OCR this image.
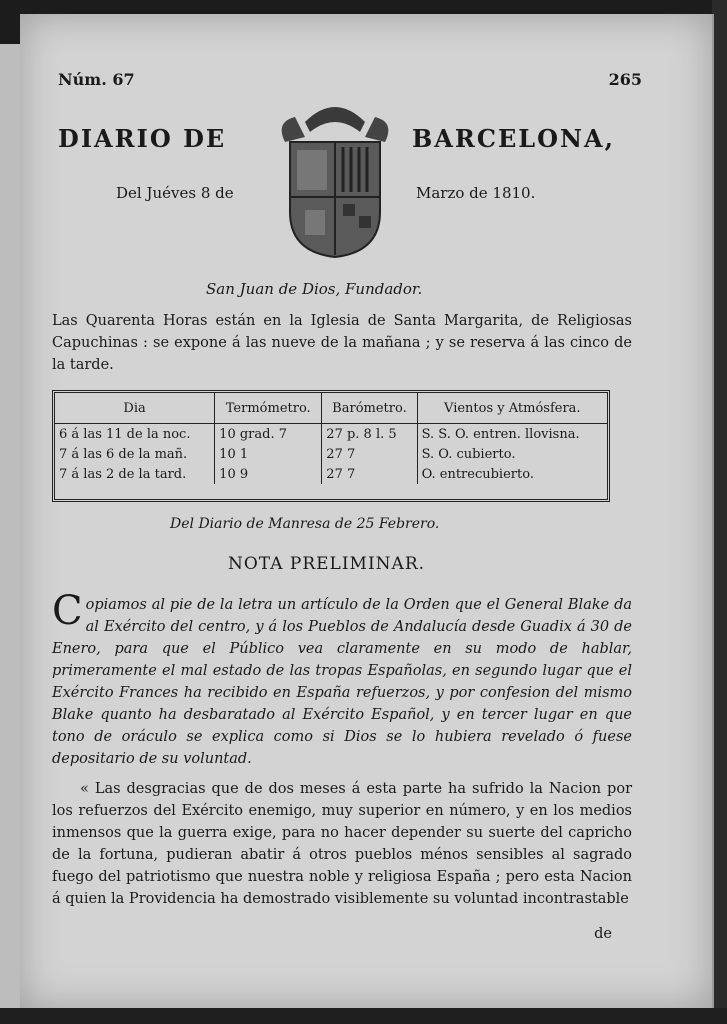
Núm. 67	265
DIARIO DE	BARCELONA,
Del Juéves 8 de	Marzo de 1810.
San Juan de Dios, Fundador.
Las Quarenta Horas están en la Iglesia de Santa Margarita, de Religiosas Capuchinas : se expone á las nueve de la mañana ; y se reserva á las cinco de la tarde.
Dia	Termómetro.	Barómetro.	Vientos y Atmósfera.
6 á las 11 de la noc.	10 grad. 7	27 p. 8 l. 5	S. S. O. entren. llovisna.
7 á las 6 de la mañ.	10 1	27 7	S. O. cubierto.
7 á las 2 de la tard.	10 9	27 7	O. entrecubierto.
Del Diario de Manresa de 25 Febrero.
NOTA PRELIMINAR.
Copiamos al pie de la letra un artículo de la Orden que el General Blake da al Exército del centro, y á los Pueblos de Andalucía desde Guadix á 30 de Enero, para que el Público vea claramente en su modo de hablar, primeramente el mal estado de las tropas Españolas, en segundo lugar que el Exército Frances ha recibido en España refuerzos, y por confesion del mismo Blake quanto ha desbaratado al Exército Español, y en tercer lugar en que tono de oráculo se explica como si Dios se lo hubiera revelado ó fuese depositario de su voluntad.
« Las desgracias que de dos meses á esta parte ha sufrido la Nacion por los refuerzos del Exército enemigo, muy superior en número, y en los medios inmensos que la guerra exige, para no hacer depender su suerte del capricho de la fortuna, pudieran abatir á otros pueblos ménos sensibles al sagrado fuego del patriotismo que nuestra noble y religiosa España ; pero esta Nacion á quien la Providencia ha demostrado visiblemente su voluntad incontrastable
de
